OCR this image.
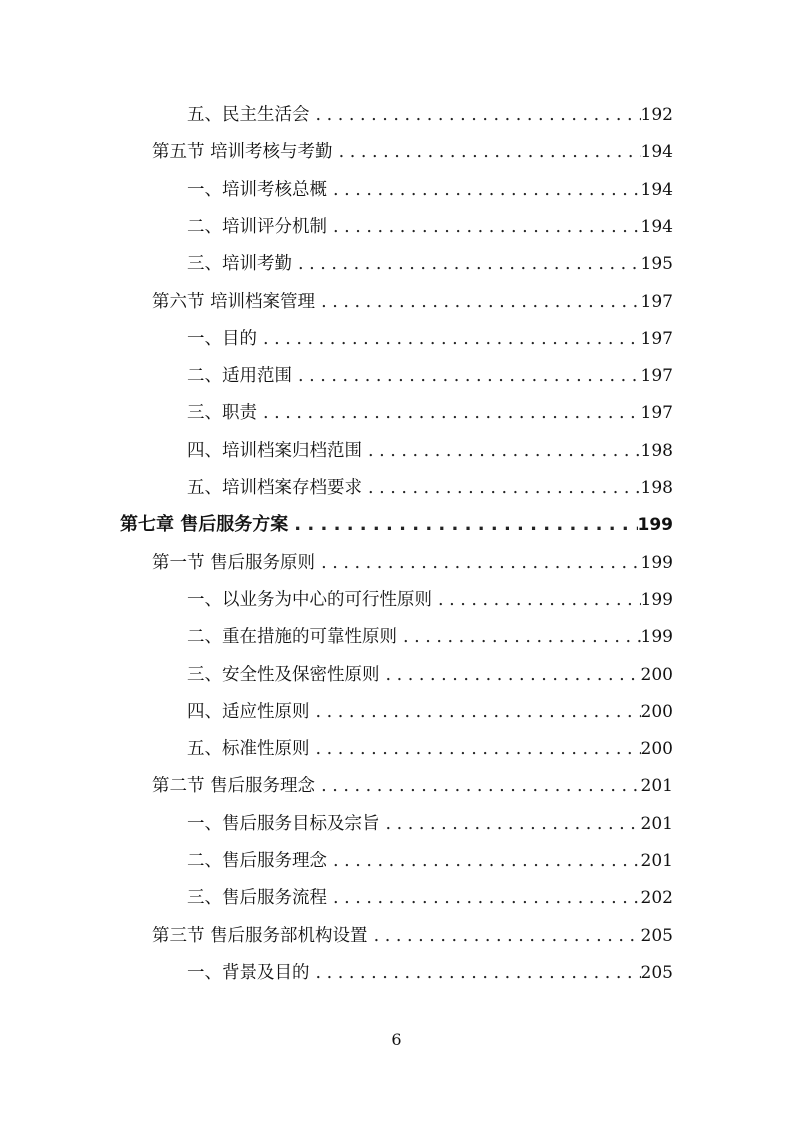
五、民主生活会 . . .	192
第五节 培训考核与考勤 . . .	194
一、培训考核总概 . . .	194
二、培训评分机制 . . .	194
三、培训考勤 . . .	195
第六节 培训档案管理 . . .	197
一、目的 . . .	197
二、适用范围 . . .	197
三、职责 . . .	197
四、培训档案归档范围 . . .	198
五、培训档案存档要求 . . .	198
第七章 售后服务方案 . . .	199
第一节 售后服务原则 . . .	199
一、以业务为中心的可行性原则 . . .	199
二、重在措施的可靠性原则 . . .	199
三、安全性及保密性原则 . . .	200
四、适应性原则 . . .	200
五、标准性原则 . . .	200
第二节 售后服务理念 . . .	201
一、售后服务目标及宗旨 . . .	201
二、售后服务理念 . . .	201
三、售后服务流程 . . .	202
第三节 售后服务部机构设置 . . .	205
一、背景及目的 . . .	205
6
